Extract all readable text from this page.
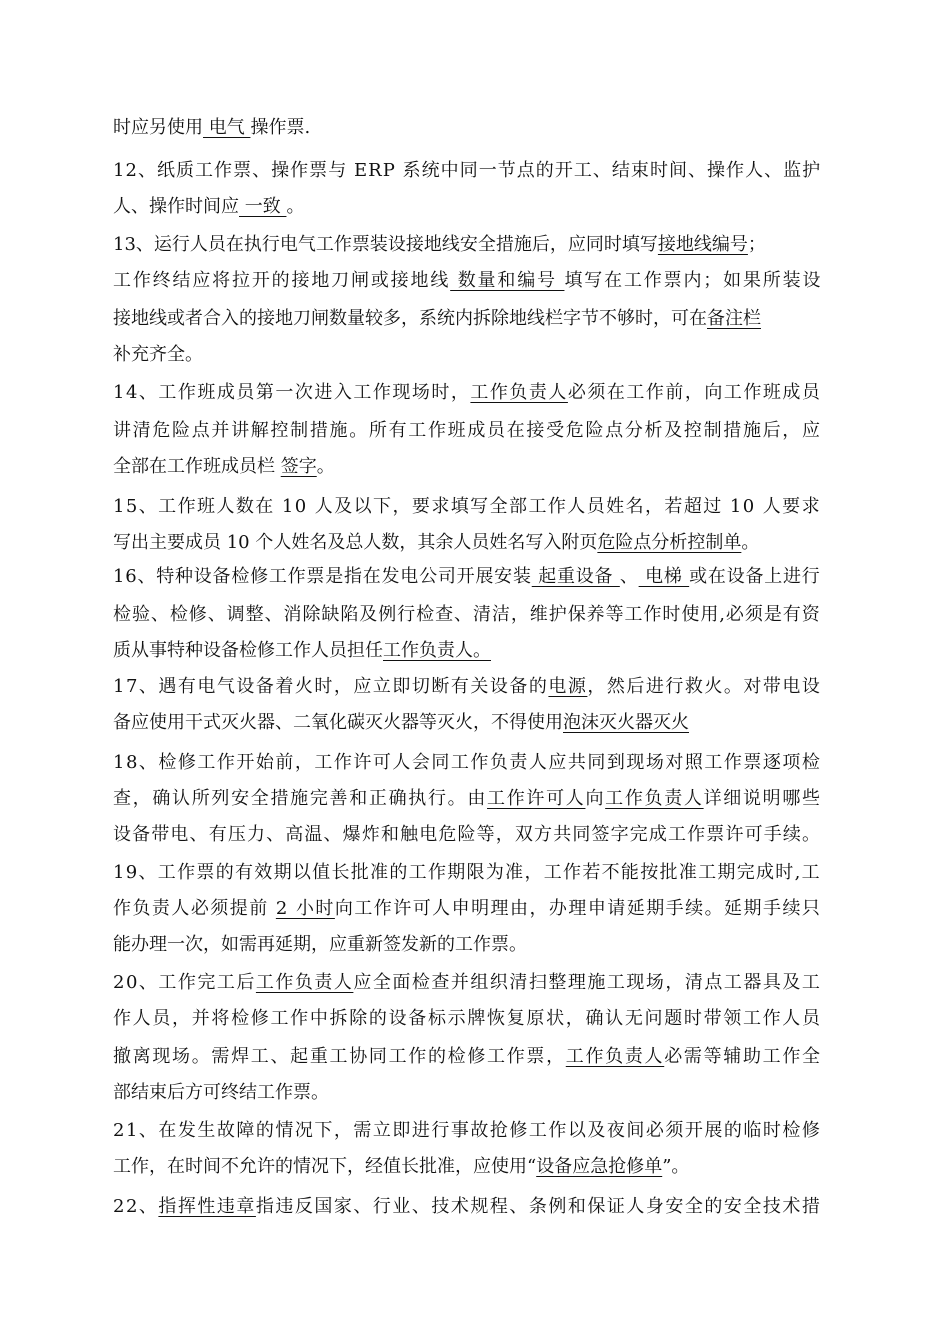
时应另使用 电气 操作票.
12、纸质工作票、操作票与 ERP 系统中同一节点的开工、结束时间、操作人、监护
人、操作时间应 一致 。
13、运行人员在执行电气工作票装设接地线安全措施后，应同时填写接地线编号；
工作终结应将拉开的接地刀闸或接地线 数量和编号 填写在工作票内；如果所装设
接地线或者合入的接地刀闸数量较多，系统内拆除地线栏字节不够时，可在备注栏
补充齐全。
14、工作班成员第一次进入工作现场时，工作负责人必须在工作前，向工作班成员
讲清危险点并讲解控制措施。所有工作班成员在接受危险点分析及控制措施后，应
全部在工作班成员栏 签字。
15、工作班人数在 10 人及以下，要求填写全部工作人员姓名，若超过 10 人要求
写出主要成员 10 个人姓名及总人数，其余人员姓名写入附页危险点分析控制单。
16、特种设备检修工作票是指在发电公司开展安装 起重设备 、 电梯 或在设备上进行
检验、检修、调整、消除缺陷及例行检查、清洁，维护保养等工作时使用,必须是有资
质从事特种设备检修工作人员担任工作负责人。
17、遇有电气设备着火时，应立即切断有关设备的电源，然后进行救火。对带电设
备应使用干式灭火器、二氧化碳灭火器等灭火，不得使用泡沫灭火器灭火
18、检修工作开始前，工作许可人会同工作负责人应共同到现场对照工作票逐项检
查，确认所列安全措施完善和正确执行。由工作许可人向工作负责人详细说明哪些
设备带电、有压力、高温、爆炸和触电危险等，双方共同签字完成工作票许可手续。
19、工作票的有效期以值长批准的工作期限为准，工作若不能按批准工期完成时,工
作负责人必须提前 2 小时向工作许可人申明理由，办理申请延期手续。延期手续只
能办理一次，如需再延期，应重新签发新的工作票。
20、工作完工后工作负责人应全面检查并组织清扫整理施工现场，清点工器具及工
作人员，并将检修工作中拆除的设备标示牌恢复原状，确认无问题时带领工作人员
撤离现场。需焊工、起重工协同工作的检修工作票，工作负责人必需等辅助工作全
部结束后方可终结工作票。
21、在发生故障的情况下，需立即进行事故抢修工作以及夜间必须开展的临时检修
工作，在时间不允许的情况下，经值长批准，应使用“设备应急抢修单”。
22、指挥性违章指违反国家、行业、技术规程、条例和保证人身安全的安全技术措
